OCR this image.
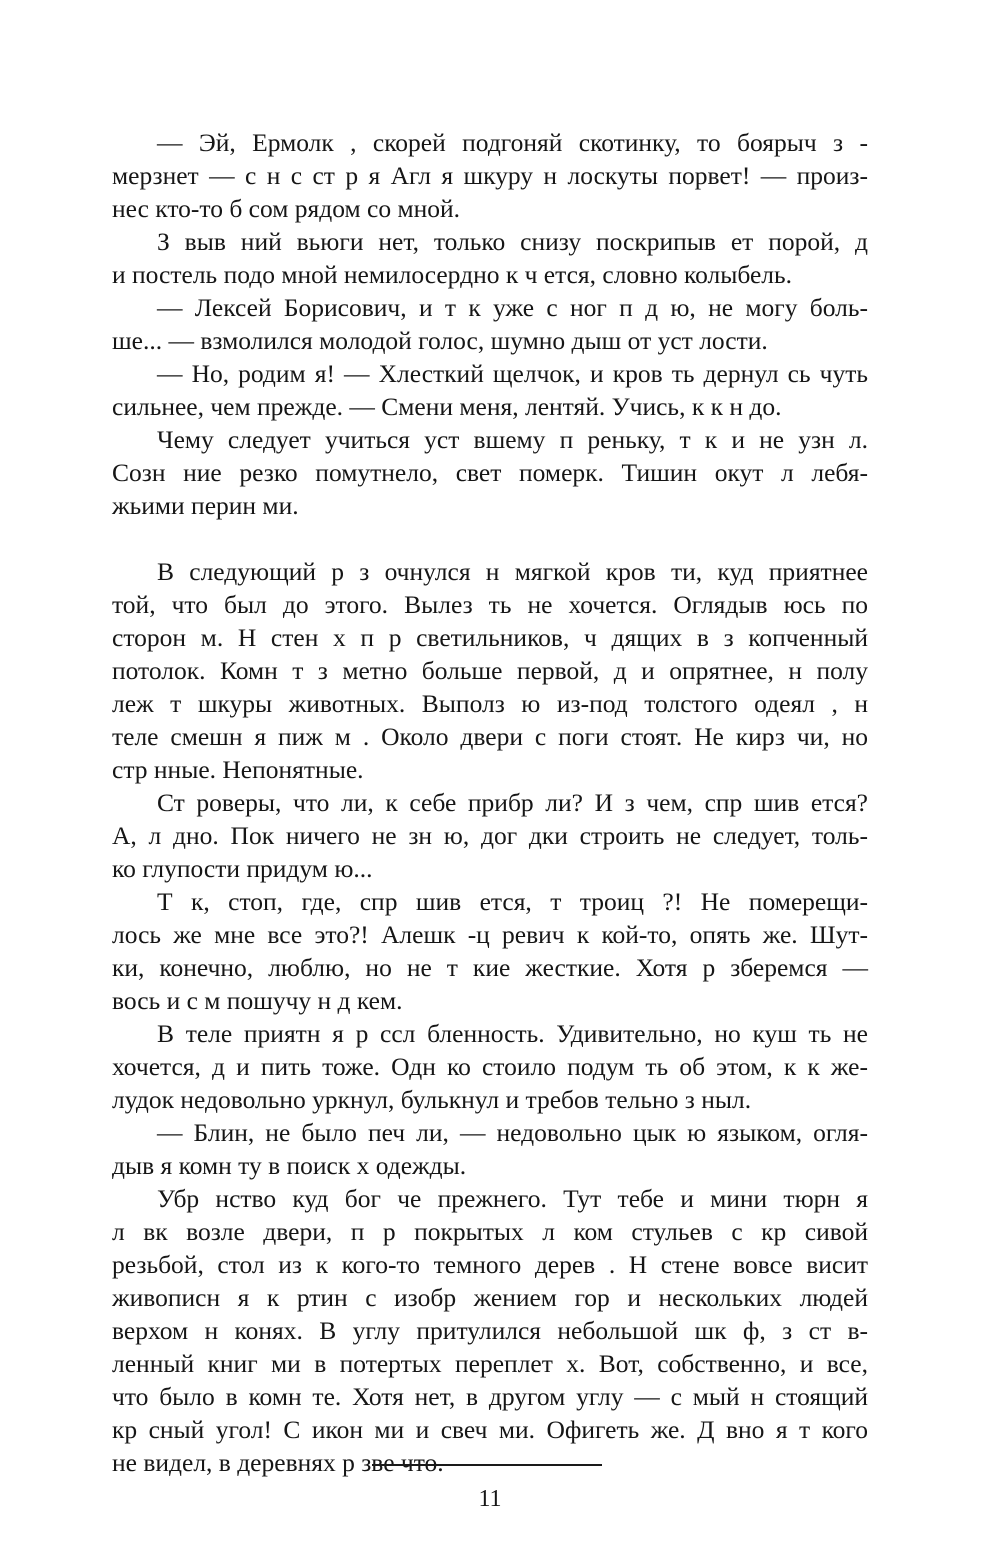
— Эй, Ермолк , скорей подгоняй скотинку, то боярыч з -
мерзнет — с н с ст р я Агл я шкуру н лоскуты порвет! — произ-
нес кто-то б сом рядом со мной.
З выв ний вьюги нет, только снизу поскрипыв ет порой, д
и постель подо мной немилосердно к ч ется, словно колыбель.
— Лексей Борисович, и т к уже с ног п д ю, не могу боль-
ше... — взмолился молодой голос, шумно дыш от уст лости.
— Но, родим я! — Хлесткий щелчок, и кров ть дернул сь чуть
сильнее, чем прежде. — Смени меня, лентяй. Учись, к к н до.
Чему следует учиться уст вшему п реньку, т к и не узн л.
Созн ние резко помутнело, свет померк. Тишин окут л лебя-
жьими перин ми.
В следующий р з очнулся н мягкой кров ти, куд приятнее
той, что был до этого. Вылез ть не хочется. Оглядыв юсь по
сторон м. Н стен х п р светильников, ч дящих в з копченный
потолок. Комн т з метно больше первой, д и опрятнее, н полу
леж т шкуры животных. Выполз ю из-под толстого одеял , н
теле смешн я пиж м . Около двери с поги стоят. Не кирз чи, но
стр нные. Непонятные.
Ст роверы, что ли, к себе прибр ли? И з чем, спр шив ется?
А, л дно. Пок ничего не зн ю, дог дки строить не следует, толь-
ко глупости придум ю...
Т к, стоп, где, спр шив ется, т троиц ?! Не померещи-
лось же мне все это?! Алешк -ц ревич к кой-то, опять же. Шут-
ки, конечно, люблю, но не т кие жесткие. Хотя р зберемся —
вось и с м пошучу н д кем.
В теле приятн я р ссл бленность. Удивительно, но куш ть не
хочется, д и пить тоже. Одн ко стоило подум ть об этом, к к же-
лудок недовольно уркнул, булькнул и требов тельно з ныл.
— Блин, не было печ ли, — недовольно цык ю языком, огля-
дыв я комн ту в поиск х одежды.
Убр нство куд бог че прежнего. Тут тебе и мини тюрн я
л вк возле двери, п р покрытых л ком стульев с кр сивой
резьбой, стол из к кого-то темного дерев . Н стене вовсе висит
живописн я к ртин с изобр жением гор и нескольких людей
верхом н конях. В углу притулился небольшой шк ф, з ст в-
ленный книг ми в потертых переплет х. Вот, собственно, и все,
что было в комн те. Хотя нет, в другом углу — с мый н стоящий
кр сный угол! С икон ми и свеч ми. Офигеть же. Д вно я т кого
не видел, в деревнях р зве что.
11
